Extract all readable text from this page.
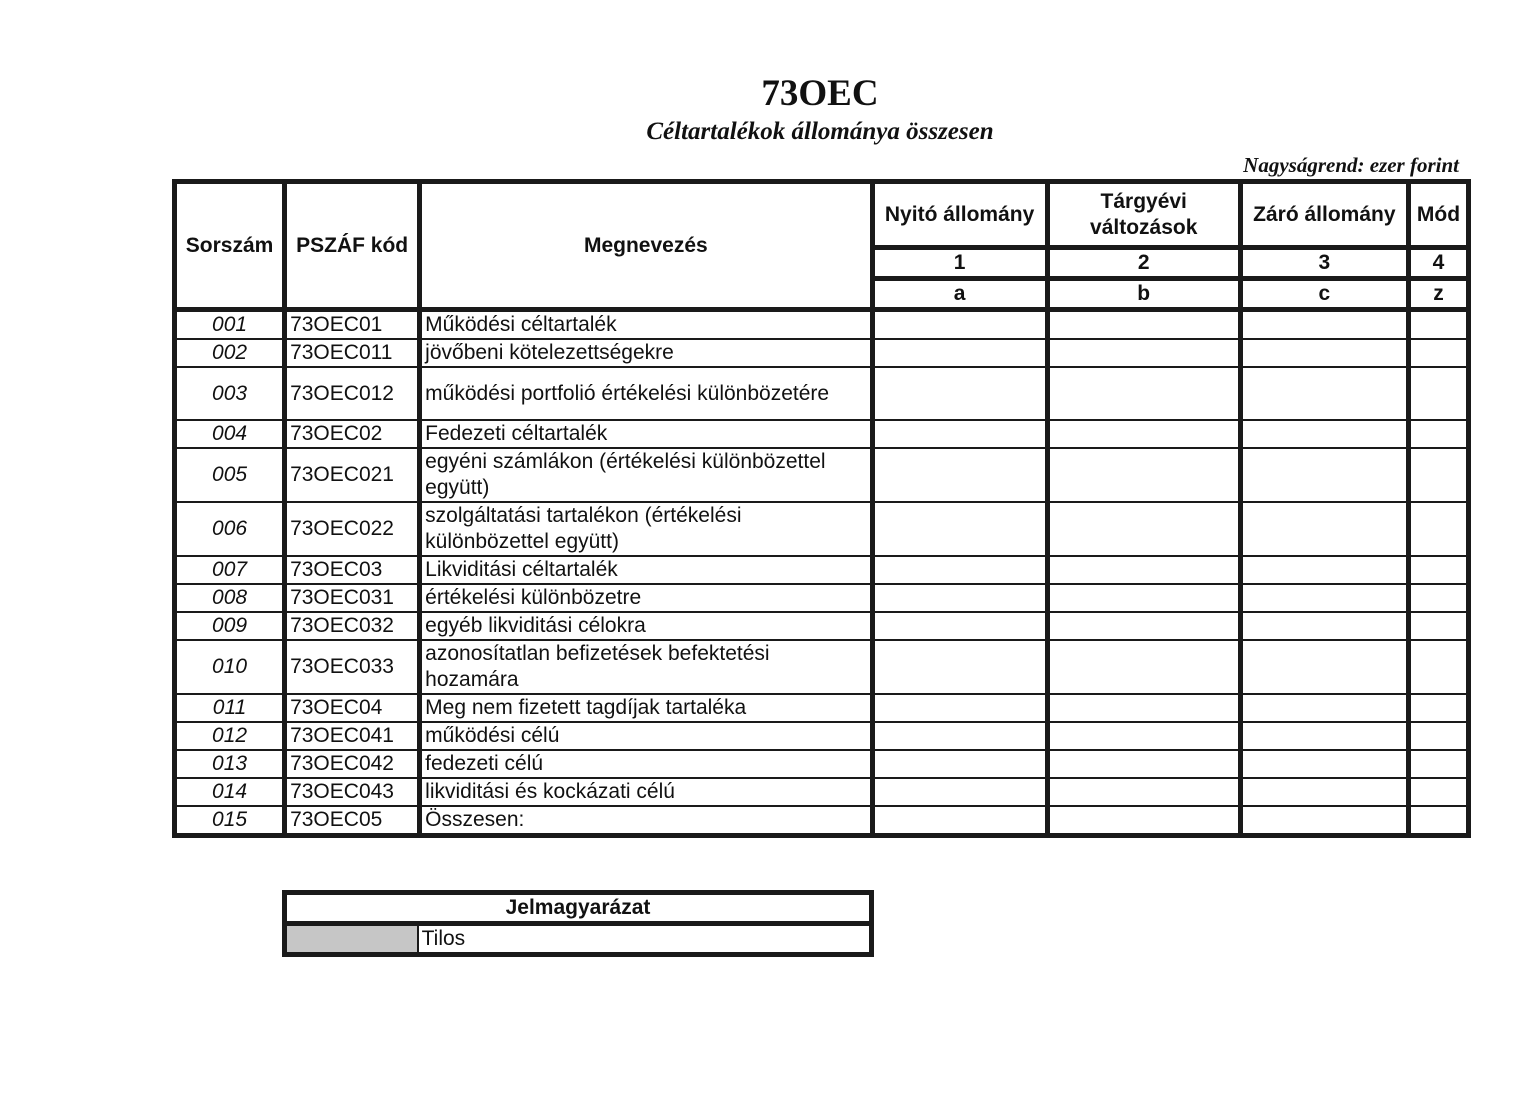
73OEC
Céltartalékok állománya összesen
Nagyságrend: ezer forint
Sorszám	PSZÁF kód	Megnevezés	Nyitó állomány	Tárgyévi változások	Záró állomány	Mód
			1	2	3	4
			a	b	c	z
001	73OEC01	Működési céltartalék				
002	73OEC011	jövőbeni kötelezettségekre				
003	73OEC012	működési portfolió értékelési különbözetére				
004	73OEC02	Fedezeti céltartalék				
005	73OEC021	egyéni számlákon (értékelési különbözettel együtt)				
006	73OEC022	szolgáltatási tartalékon (értékelési különbözettel együtt)				
007	73OEC03	Likviditási céltartalék				
008	73OEC031	értékelési különbözetre				
009	73OEC032	egyéb likviditási célokra				
010	73OEC033	azonosítatlan befizetések befektetési hozamára				
011	73OEC04	Meg nem fizetett tagdíjak tartaléka				
012	73OEC041	működési célú				
013	73OEC042	fedezeti célú				
014	73OEC043	likviditási és kockázati célú				
015	73OEC05	Összesen:				
Jelmagyarázat
	Tilos
